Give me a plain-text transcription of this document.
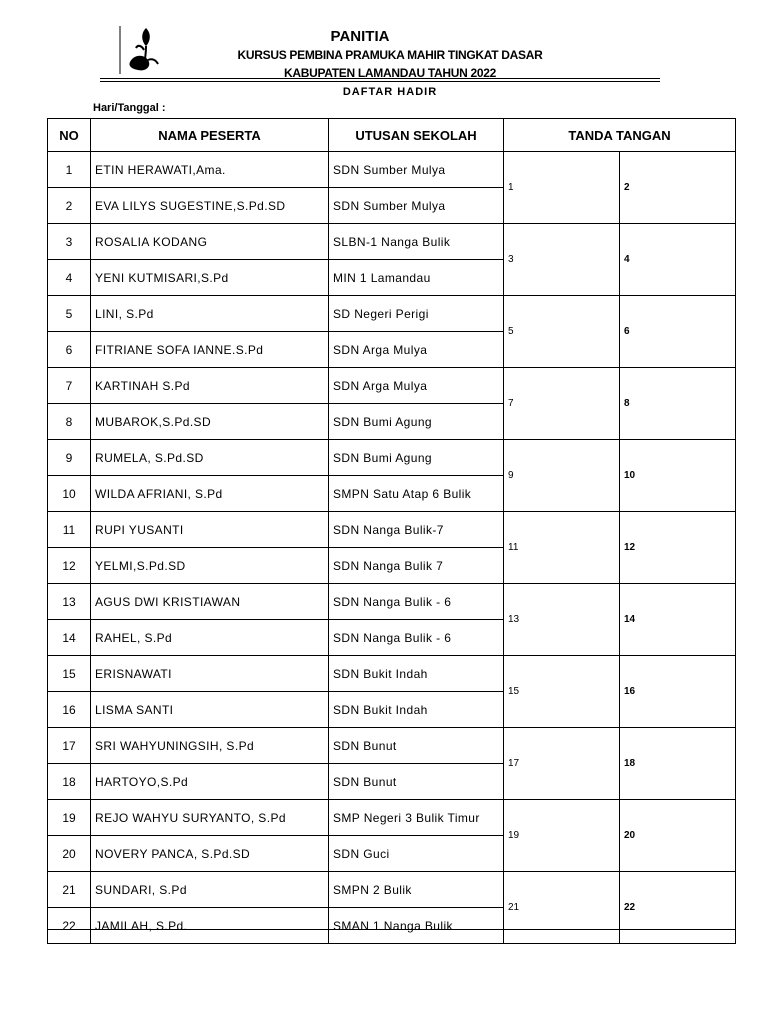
PANITIA
KURSUS PEMBINA PRAMUKA MAHIR TINGKAT DASAR
KABUPATEN LAMANDAU TAHUN 2022
DAFTAR HADIR
Hari/Tanggal :
NO	NAMA PESERTA	UTUSAN SEKOLAH	TANDA TANGAN	
1	ETIN HERAWATI,Ama.	SDN Sumber Mulya	1	2
2	EVA LILYS SUGESTINE,S.Pd.SD	SDN Sumber Mulya		
3	ROSALIA KODANG	SLBN-1 Nanga Bulik	3	4
4	YENI KUTMISARI,S.Pd	MIN 1 Lamandau		
5	LINI, S.Pd	SD Negeri Perigi	5	6
6	FITRIANE SOFA IANNE.S.Pd	SDN Arga Mulya		
7	KARTINAH S.Pd	SDN Arga Mulya	7	8
8	MUBAROK,S.Pd.SD	SDN Bumi Agung		
9	RUMELA, S.Pd.SD	SDN Bumi Agung	9	10
10	WILDA AFRIANI, S.Pd	SMPN Satu Atap 6 Bulik		
11	RUPI YUSANTI	SDN Nanga Bulik-7	11	12
12	YELMI,S.Pd.SD	SDN Nanga Bulik 7		
13	AGUS DWI KRISTIAWAN	SDN Nanga Bulik - 6	13	14
14	RAHEL, S.Pd	SDN Nanga Bulik - 6		
15	ERISNAWATI	SDN Bukit Indah	15	16
16	LISMA SANTI	SDN Bukit Indah		
17	SRI WAHYUNINGSIH, S.Pd	SDN Bunut	17	18
18	HARTOYO,S.Pd	SDN Bunut		
19	REJO WAHYU SURYANTO, S.Pd	SMP Negeri 3 Bulik Timur	19	20
20	NOVERY PANCA, S.Pd.SD	SDN Guci		
21	SUNDARI, S.Pd	SMPN 2 Bulik	21	22
22	JAMILAH, S.Pd.	SMAN 1 Nanga Bulik		
